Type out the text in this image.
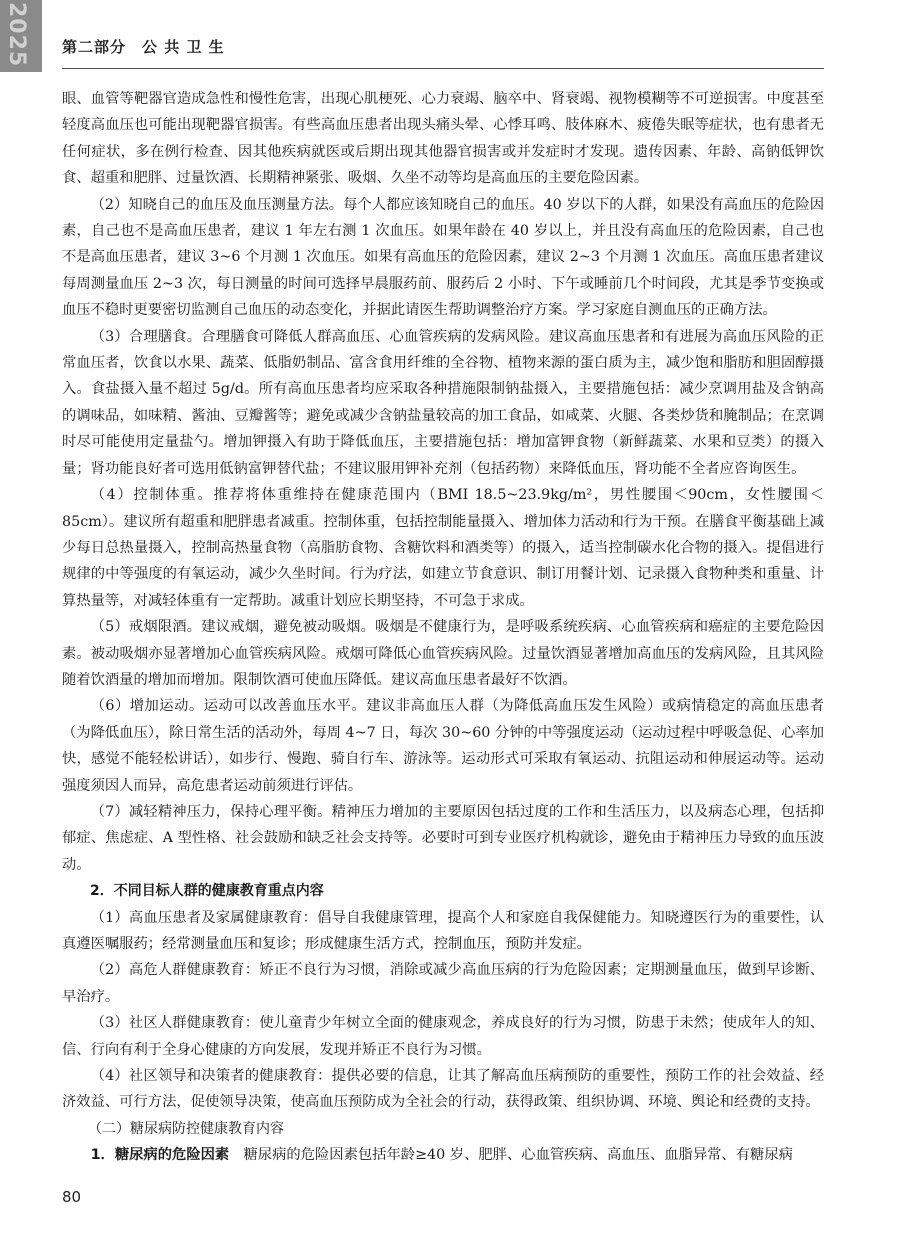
2025 第二部分　公 共 卫 生

眼、血管等靶器官造成急性和慢性危害，出现心肌梗死、心力衰竭、脑卒中、肾衰竭、视物模糊等不可逆损害。中度甚至轻度高血压也可能出现靶器官损害。有些高血压患者出现头痛头晕、心悸耳鸣、肢体麻木、疲倦失眠等症状，也有患者无任何症状，多在例行检查、因其他疾病就医或后期出现其他器官损害或并发症时才发现。遗传因素、年龄、高钠低钾饮食、超重和肥胖、过量饮酒、长期精神紧张、吸烟、久坐不动等均是高血压的主要危险因素。

（2）知晓自己的血压及血压测量方法。每个人都应该知晓自己的血压。40 岁以下的人群，如果没有高血压的危险因素，自己也不是高血压患者，建议 1 年左右测 1 次血压。如果年龄在 40 岁以上，并且没有高血压的危险因素，自己也不是高血压患者，建议 3~6 个月测 1 次血压。如果有高血压的危险因素，建议 2~3 个月测 1 次血压。高血压患者建议每周测量血压 2~3 次，每日测量的时间可选择早晨服药前、服药后 2 小时、下午或睡前几个时间段，尤其是季节变换或血压不稳时更要密切监测自己血压的动态变化，并据此请医生帮助调整治疗方案。学习家庭自测血压的正确方法。

（3）合理膳食。合理膳食可降低人群高血压、心血管疾病的发病风险。建议高血压患者和有进展为高血压风险的正常血压者，饮食以水果、蔬菜、低脂奶制品、富含食用纤维的全谷物、植物来源的蛋白质为主，减少饱和脂肪和胆固醇摄入。食盐摄入量不超过 5g/d。所有高血压患者均应采取各种措施限制钠盐摄入，主要措施包括：减少烹调用盐及含钠高的调味品，如味精、酱油、豆瓣酱等；避免或减少含钠盐量较高的加工食品，如咸菜、火腿、各类炒货和腌制品；在烹调时尽可能使用定量盐勺。增加钾摄入有助于降低血压，主要措施包括：增加富钾食物（新鲜蔬菜、水果和豆类）的摄入量；肾功能良好者可选用低钠富钾替代盐；不建议服用钾补充剂（包括药物）来降低血压，肾功能不全者应咨询医生。

（4）控制体重。推荐将体重维持在健康范围内（BMI 18.5~23.9kg/m²，男性腰围＜90cm，女性腰围＜85cm）。建议所有超重和肥胖患者减重。控制体重，包括控制能量摄入、增加体力活动和行为干预。在膳食平衡基础上减少每日总热量摄入，控制高热量食物（高脂肪食物、含糖饮料和酒类等）的摄入，适当控制碳水化合物的摄入。提倡进行规律的中等强度的有氧运动，减少久坐时间。行为疗法，如建立节食意识、制订用餐计划、记录摄入食物种类和重量、计算热量等，对减轻体重有一定帮助。减重计划应长期坚持，不可急于求成。

（5）戒烟限酒。建议戒烟，避免被动吸烟。吸烟是不健康行为，是呼吸系统疾病、心血管疾病和癌症的主要危险因素。被动吸烟亦显著增加心血管疾病风险。戒烟可降低心血管疾病风险。过量饮酒显著增加高血压的发病风险，且其风险随着饮酒量的增加而增加。限制饮酒可使血压降低。建议高血压患者最好不饮酒。

（6）增加运动。运动可以改善血压水平。建议非高血压人群（为降低高血压发生风险）或病情稳定的高血压患者（为降低血压），除日常生活的活动外，每周 4~7 日，每次 30~60 分钟的中等强度运动（运动过程中呼吸急促、心率加快，感觉不能轻松讲话），如步行、慢跑、骑自行车、游泳等。运动形式可采取有氧运动、抗阻运动和伸展运动等。运动强度须因人而异，高危患者运动前须进行评估。

（7）减轻精神压力，保持心理平衡。精神压力增加的主要原因包括过度的工作和生活压力，以及病态心理，包括抑郁症、焦虑症、A 型性格、社会鼓励和缺乏社会支持等。必要时可到专业医疗机构就诊，避免由于精神压力导致的血压波动。

2．不同目标人群的健康教育重点内容

（1）高血压患者及家属健康教育：倡导自我健康管理，提高个人和家庭自我保健能力。知晓遵医行为的重要性，认真遵医嘱服药；经常测量血压和复诊；形成健康生活方式，控制血压，预防并发症。

（2）高危人群健康教育：矫正不良行为习惯，消除或减少高血压病的行为危险因素；定期测量血压，做到早诊断、早治疗。

（3）社区人群健康教育：使儿童青少年树立全面的健康观念，养成良好的行为习惯，防患于未然；使成年人的知、信、行向有利于全身心健康的方向发展，发现并矫正不良行为习惯。

（4）社区领导和决策者的健康教育：提供必要的信息，让其了解高血压病预防的重要性，预防工作的社会效益、经济效益、可行方法，促使领导决策，使高血压预防成为全社会的行动，获得政策、组织协调、环境、舆论和经费的支持。

（二）糖尿病防控健康教育内容

1．糖尿病的危险因素　糖尿病的危险因素包括年龄≥40 岁、肥胖、心血管疾病、高血压、血脂异常、有糖尿病

80
